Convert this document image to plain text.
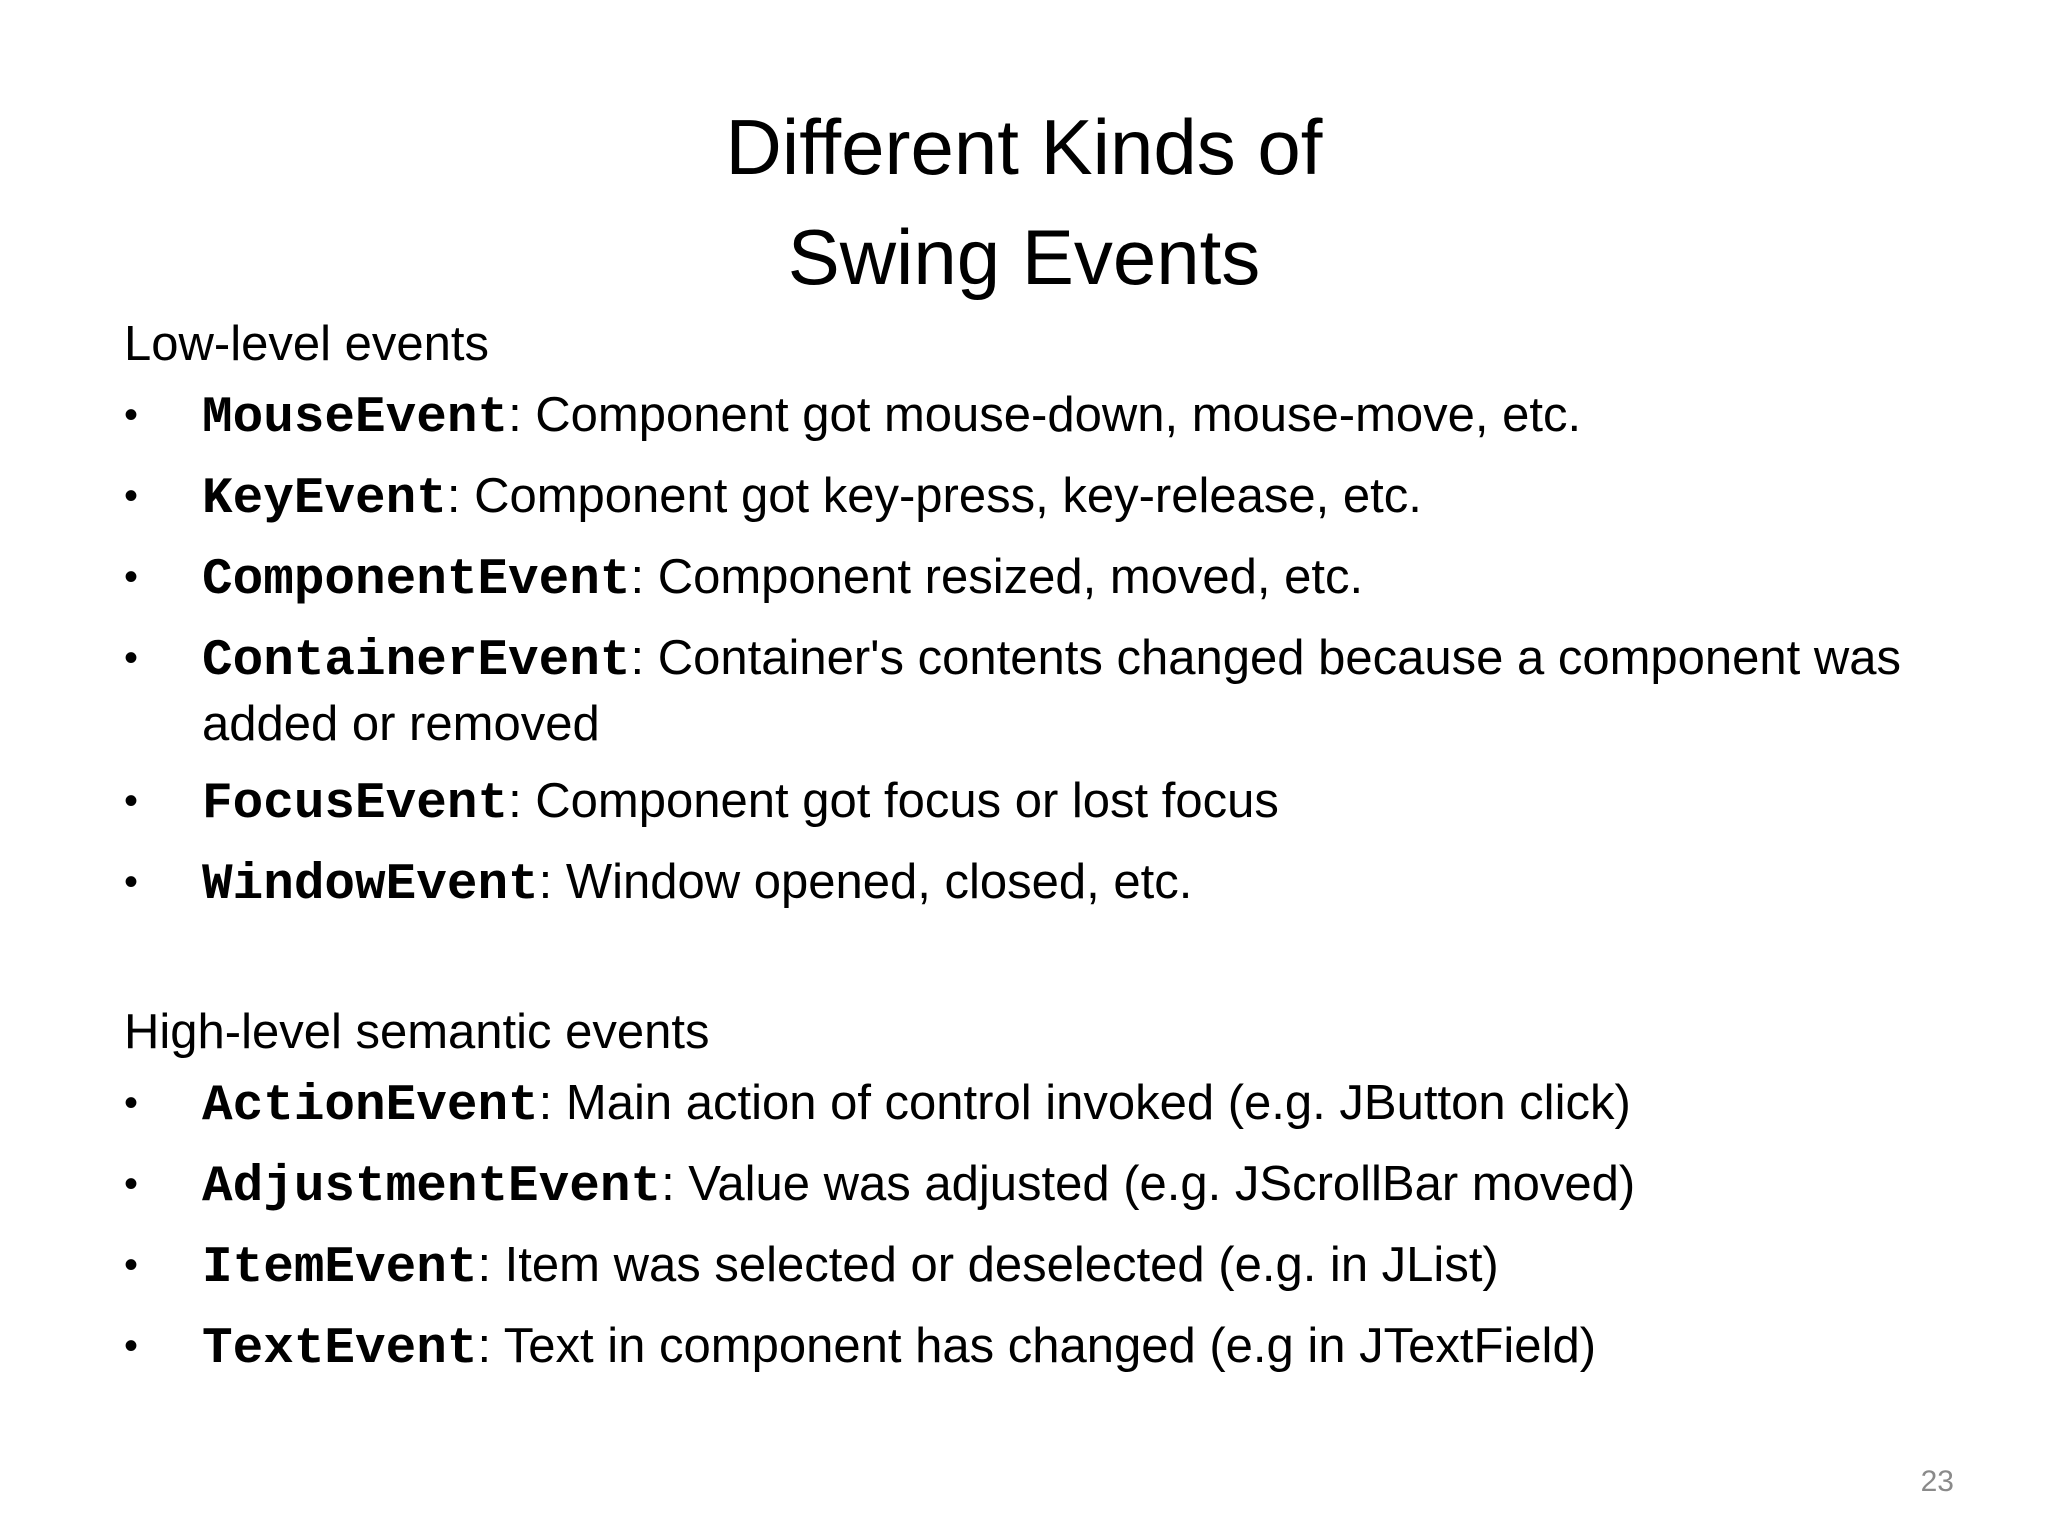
Different Kinds of
Swing Events
Low-level events
• MouseEvent: Component got mouse-down, mouse-move, etc.
• KeyEvent: Component got key-press, key-release, etc.
• ComponentEvent: Component resized, moved, etc.
• ContainerEvent: Container's contents changed because a component was added or removed
• FocusEvent: Component got focus or lost focus
• WindowEvent: Window opened, closed, etc.
High-level semantic events
• ActionEvent: Main action of control invoked (e.g. JButton click)
• AdjustmentEvent: Value was adjusted (e.g. JScrollBar moved)
• ItemEvent: Item was selected or deselected (e.g. in JList)
• TextEvent: Text in component has changed (e.g in JTextField)
23
